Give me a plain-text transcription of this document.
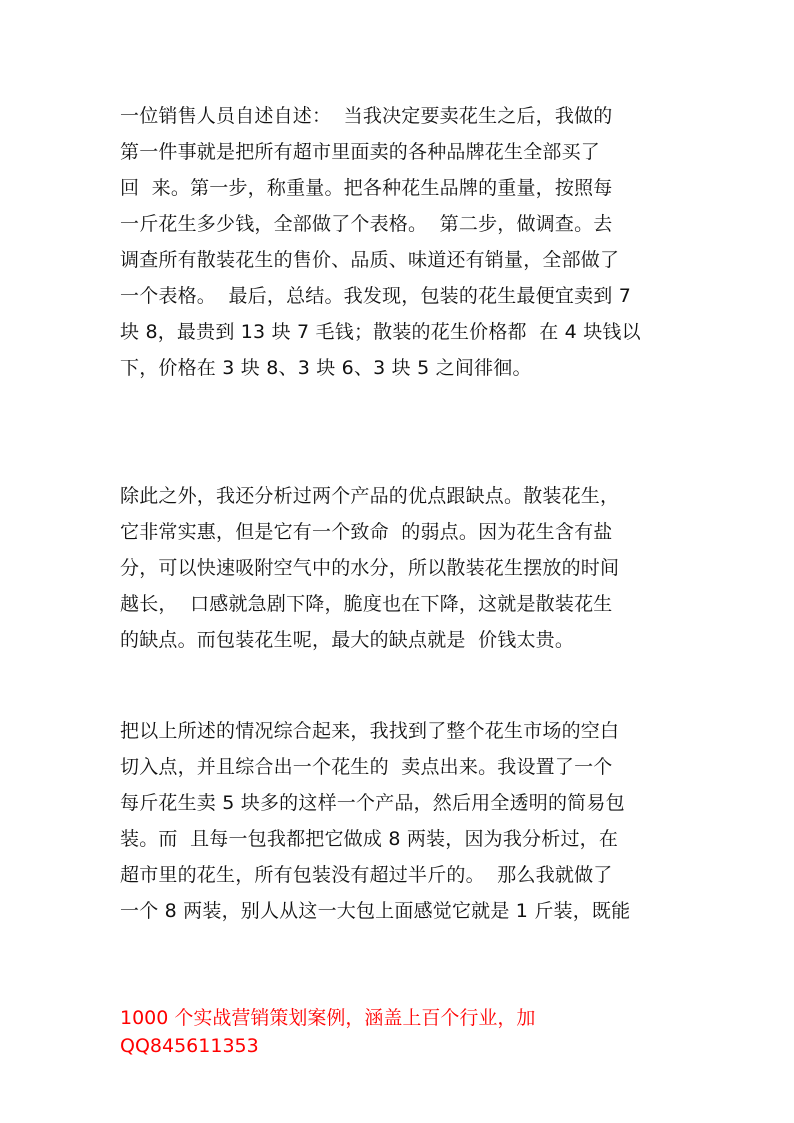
一位销售人员自述自述：  当我决定要卖花生之后，我做的
第一件事就是把所有超市里面卖的各种品牌花生全部买了
回  来。第一步，称重量。把各种花生品牌的重量，按照每
一斤花生多少钱，全部做了个表格。  第二步，做调查。去
调查所有散装花生的售价、品质、味道还有销量，全部做了
一个表格。  最后，总结。我发现，包装的花生最便宜卖到 7
块 8，最贵到 13 块 7 毛钱；散装的花生价格都  在 4 块钱以
下，价格在 3 块 8、3 块 6、3 块 5 之间徘徊。
除此之外，我还分析过两个产品的优点跟缺点。散装花生，
它非常实惠，但是它有一个致命  的弱点。因为花生含有盐
分，可以快速吸附空气中的水分，所以散装花生摆放的时间
越长，  口感就急剧下降，脆度也在下降，这就是散装花生
的缺点。而包装花生呢，最大的缺点就是  价钱太贵。
把以上所述的情况综合起来，我找到了整个花生市场的空白
切入点，并且综合出一个花生的  卖点出来。我设置了一个
每斤花生卖 5 块多的这样一个产品，然后用全透明的简易包
装。而  且每一包我都把它做成 8 两装，因为我分析过，在
超市里的花生，所有包装没有超过半斤的。  那么我就做了
一个 8 两装，别人从这一大包上面感觉它就是 1 斤装，既能
1000 个实战营销策划案例，涵盖上百个行业，加
QQ845611353
